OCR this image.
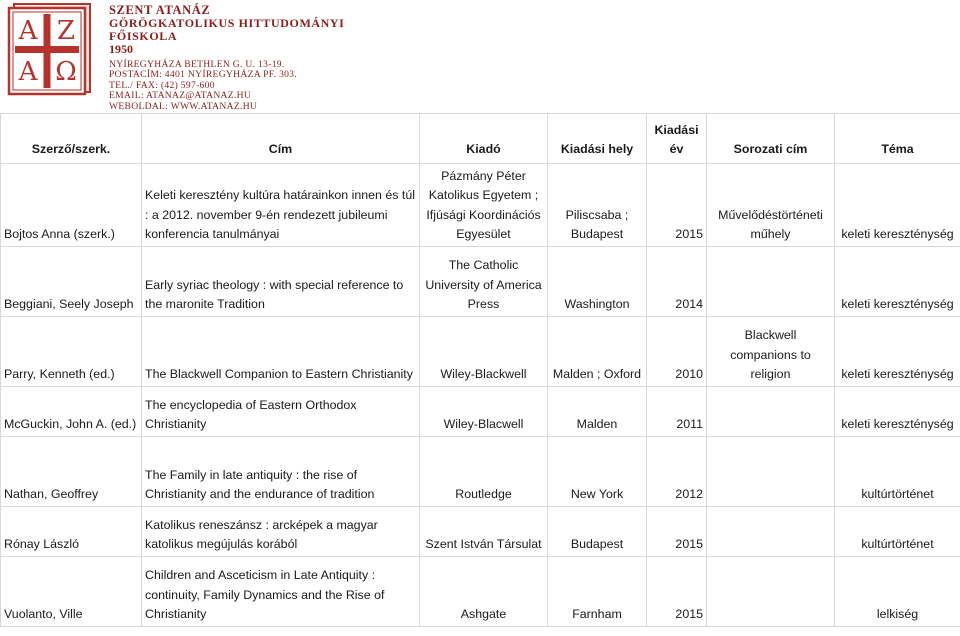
Α Ζ
Α Ω
SZENT ATANÁZ
GÖRÖGKATOLIKUS HITTUDOMÁNYI FŐISKOLA
1950
NYÍREGYHÁZA BETHLEN G. U. 13-19.
POSTACÍM: 4401 NYÍREGYHÁZA PF. 303.
TEL./ FAX: (42) 597-600
EMAIL: ATANAZ@ATANAZ.HU
WEBOLDAL: WWW.ATANAZ.HU
Szerző/szerk.	Cím	Kiadó	Kiadási hely	Kiadási év	Sorozati cím	Téma
Bojtos Anna (szerk.)	Keleti keresztény kultúra határainkon innen és túl : a 2012. november 9-én rendezett jubileumi konferencia tanulmányai	Pázmány Péter Katolikus Egyetem ; Ifjúsági Koordinációs Egyesület	Piliscsaba ; Budapest	2015	Művelődéstörténeti műhely	keleti kereszténység
Beggiani, Seely Joseph	Early syriac theology : with special reference to the maronite Tradition	The Catholic University of America Press	Washington	2014		keleti kereszténység
Parry, Kenneth (ed.)	The Blackwell Companion to Eastern Christianity	Wiley-Blackwell	Malden ; Oxford	2010	Blackwell companions to religion	keleti kereszténység
McGuckin, John A. (ed.)	The encyclopedia of Eastern Orthodox Christianity	Wiley-Blacwell	Malden	2011		keleti kereszténység
Nathan, Geoffrey	The Family in late antiquity : the rise of Christianity and the endurance of tradition	Routledge	New York	2012		kultúrtörténet
Rónay László	Katolikus reneszánsz : arcképek a magyar katolikus megújulás korából	Szent István Társulat	Budapest	2015		kultúrtörténet
Vuolanto, Ville	Children and Asceticism in Late Antiquity : continuity, Family Dynamics and the Rise of Christianity	Ashgate	Farnham	2015		lelkiség
